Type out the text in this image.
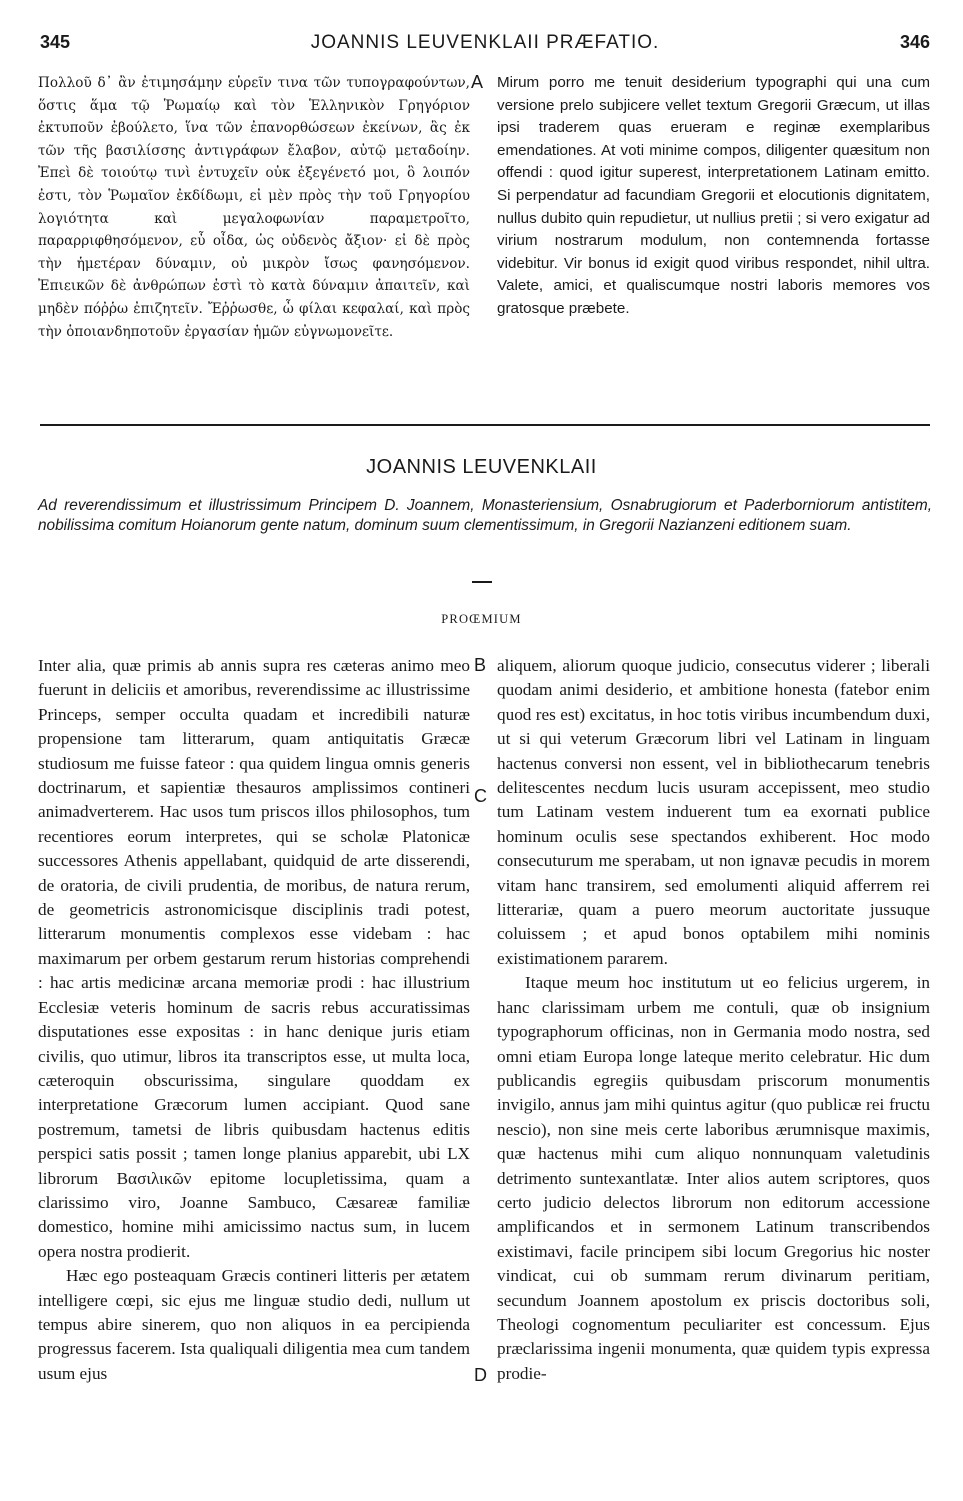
345	JOANNIS LEUVENKLAII PRÆFATIO.	346
Πολλοῦ δ᾽ ἂν ἐτιμησάμην εὑρεῖν τινα τῶν τυπογραφούντων, ὅστις ἅμα τῷ Ῥωμαίῳ καὶ τὸν Ἑλληνικὸν Γρηγόριον ἐκτυποῦν ἐβούλετο, ἵνα τῶν ἐπανορθώσεων ἐκείνων, ἃς ἐκ τῶν τῆς βασιλίσσης ἀντιγράφων ἔλαβον, αὐτῷ μεταδοίην. Ἐπεὶ δὲ τοιούτῳ τινὶ ἐντυχεῖν οὐκ ἐξεγένετό μοι, ὃ λοιπόν ἐστι, τὸν Ῥωμαῖον ἐκδίδωμι, εἰ μὲν πρὸς τὴν τοῦ Γρηγορίου λογιότητα καὶ μεγαλοφωνίαν παραμετροῖτο, παραρριφθησόμενον, εὖ οἶδα, ὡς οὐδενὸς ἄξιον· εἰ δὲ πρὸς τὴν ἡμετέραν δύναμιν, οὐ μικρὸν ἴσως φανησόμενον. Ἐπιεικῶν δὲ ἀνθρώπων ἐστὶ τὸ κατὰ δύναμιν ἀπαιτεῖν, καὶ μηδὲν πόῤῥω ἐπιζητεῖν. Ἔῤῥωσθε, ὦ φίλαι κεφαλαί, καὶ πρὸς τὴν ὁποιανδηποτοῦν ἐργασίαν ἡμῶν εὐγνωμονεῖτε.
A Mirum porro me tenuit desiderium typographi qui una cum versione prelo subjicere vellet textum Gregorii Græcum, ut illas ipsi traderem quas erueram e reginæ exemplaribus emendationes. At voti minime compos, diligenter quæsitum non offendi : quod igitur superest, interpretationem Latinam emitto. Si perpendatur ad facundiam Gregorii et elocutionis dignitatem, nullus dubito quin repudietur, ut nullius pretii ; si vero exigatur ad virium nostrarum modulum, non contemnenda fortasse videbitur. Vir bonus id exigit quod viribus respondet, nihil ultra. Valete, amici, et qualiscumque nostri laboris memores vos gratosque præbete.
JOANNIS LEUVENKLAII
Ad reverendissimum et illustrissimum Principem D. Joannem, Monasteriensium, Osnabrugiorum et Paderborniorum antistitem, nobilissima comitum Hoianorum gente natum, dominum suum clementissimum, in Gregorii Nazianzeni editionem suam.
PROŒMIUM

Inter alia, quæ primis ab annis supra res cæteras animo meo fuerunt in deliciis et amoribus, reverendissime ac illustrissime Princeps, semper occulta quadam et incredibili naturæ propensione tam litterarum, quam antiquitatis Græcæ studiosum me fuisse fateor : qua quidem lingua omnis generis doctrinarum, et sapientiæ thesauros amplissimos contineri animadverterem. Hac usos tum priscos illos philosophos, tum recentiores eorum interpretes, qui se scholæ Platonicæ successores Athenis appellabant, quidquid de arte disserendi, de oratoria, de civili prudentia, de moribus, de natura rerum, de geometricis astronomicisque disciplinis tradi potest, litterarum monumentis complexos esse videbam : hac maximarum per orbem gestarum rerum historias comprehendi : hac artis medicinæ arcana memoriæ prodi : hac illustrium Ecclesiæ veteris hominum de sacris rebus accuratissimas disputationes esse expositas : in hanc denique juris etiam civilis, quo utimur, libros ita transcriptos esse, ut multa loca, cæteroquin obscurissima, singulare quoddam ex interpretatione Græcorum lumen accipiant. Quod sane postremum, tametsi de libris quibusdam hactenus editis perspici satis possit ; tamen longe planius apparebit, ubi LX librorum Βασιλικῶν epitome locupletissima, quam a clarissimo viro, Joanne Sambuco, Cæsareæ familiæ domestico, homine mihi amicissimo nactus sum, in lucem opera nostra prodierit.

Hæc ego posteaquam Græcis contineri litteris per ætatem intelligere cœpi, sic ejus me linguæ studio dedi, nullum ut tempus abire sinerem, quo non aliquos in ea percipienda progressus facerem. Ista qualiquali diligentia mea cum tandem usum ejus

B
C
D

aliquem, aliorum quoque judicio, consecutus viderer ; liberali quodam animi desiderio, et ambitione honesta (fatebor enim quod res est) excitatus, in hoc totis viribus incumbendum duxi, ut si qui veterum Græcorum libri vel Latinam in linguam hactenus conversi non essent, vel in bibliothecarum tenebris delitescentes necdum lucis usuram accepissent, meo studio tum Latinam vestem induerent tum ea exornati publice hominum oculis sese spectandos exhiberent. Hoc modo consecuturum me sperabam, ut non ignavæ pecudis in morem vitam hanc transirem, sed emolumenti aliquid afferrem rei litterariæ, quam a puero meorum auctoritate jussuque coluissem ; et apud bonos optabilem mihi nominis existimationem pararem.

Itaque meum hoc institutum ut eo felicius urgerem, in hanc clarissimam urbem me contuli, quæ ob insignium typographorum officinas, non in Germania modo nostra, sed omni etiam Europa longe lateque merito celebratur. Hic dum publicandis egregiis quibusdam priscorum monumentis invigilo, annus jam mihi quintus agitur (quo publicæ rei fructu nescio), non sine meis certe laboribus ærumnisque maximis, quæ hactenus mihi cum aliquo nonnunquam valetudinis detrimento suntexantlatæ. Inter alios autem scriptores, quos certo judicio delectos librorum non editorum accessione amplificandos et in sermonem Latinum transcribendos existimavi, facile principem sibi locum Gregorius hic noster vindicat, cui ob summam rerum divinarum peritiam, secundum Joannem apostolum ex priscis doctoribus soli, Theologi cognomentum peculiariter est concessum. Ejus præclarissima ingenii monumenta, quæ quidem typis expressa prodie-
